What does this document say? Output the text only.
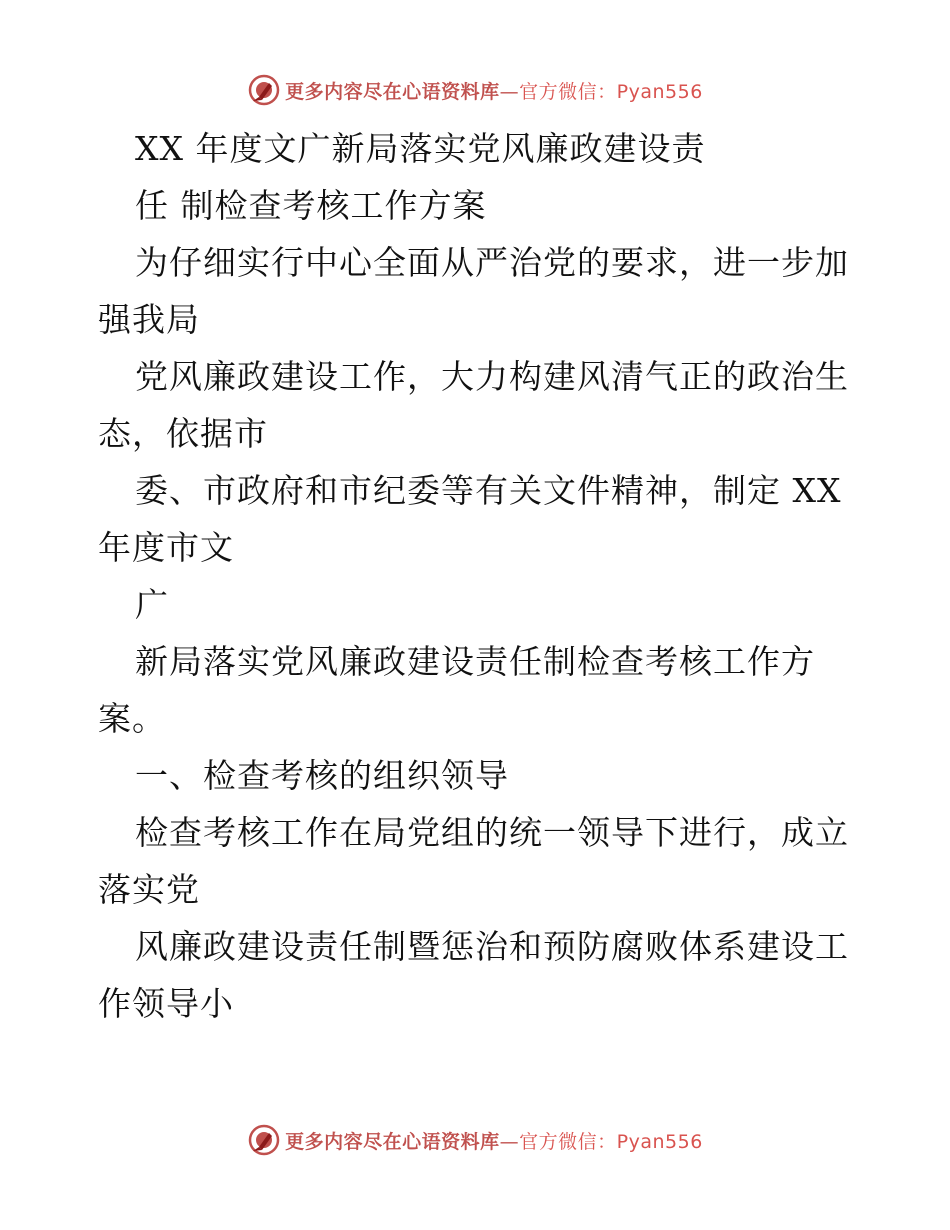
更多内容尽在心语资料库—官方微信：Pyan556
XX 年度文广新局落实党风廉政建设责
任 制检查考核工作方案
为仔细实行中心全面从严治党的要求，进一步加
强我局
党风廉政建设工作，大力构建风清气正的政治生
态，依据市
委、市政府和市纪委等有关文件精神，制定 XX
年度市文
广
新局落实党风廉政建设责任制检查考核工作方
案。
一、检查考核的组织领导
检查考核工作在局党组的统一领导下进行，成立
落实党
风廉政建设责任制暨惩治和预防腐败体系建设工
作领导小
更多内容尽在心语资料库—官方微信：Pyan556
